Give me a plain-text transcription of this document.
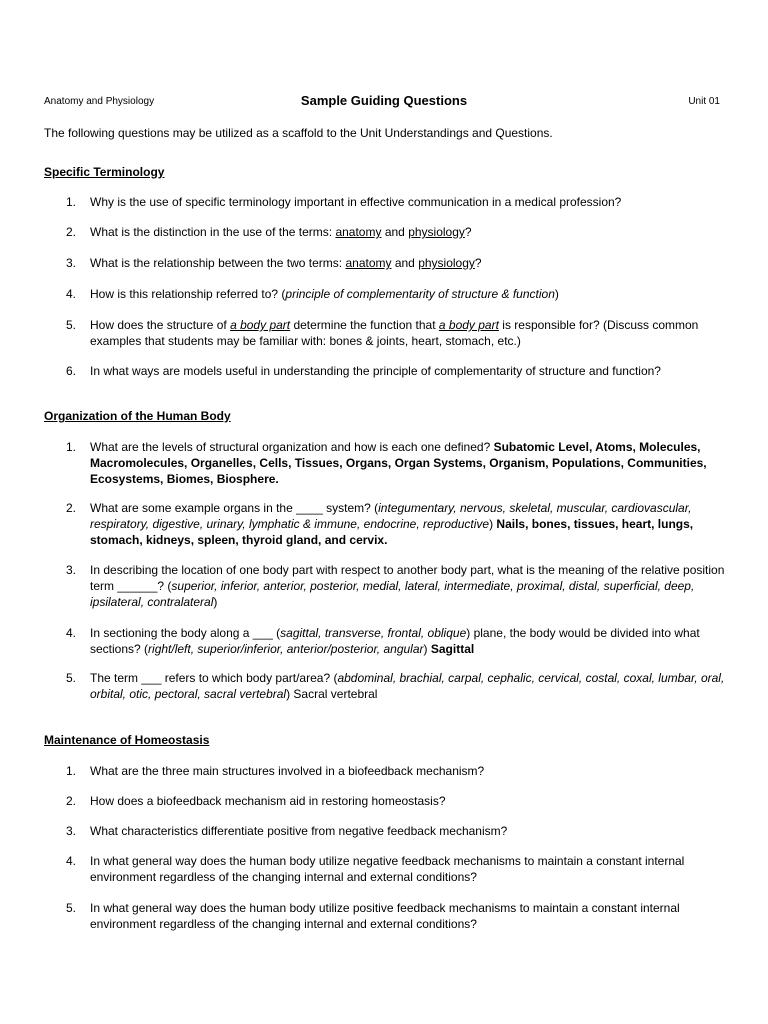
Anatomy and Physiology	Sample Guiding Questions	Unit 01
The following questions may be utilized as a scaffold to the Unit Understandings and Questions.
Specific Terminology
1. Why is the use of specific terminology important in effective communication in a medical profession?
2. What is the distinction in the use of the terms: anatomy and physiology?
3. What is the relationship between the two terms: anatomy and physiology?
4. How is this relationship referred to? (principle of complementarity of structure & function)
5. How does the structure of a body part determine the function that a body part is responsible for? (Discuss common examples that students may be familiar with: bones & joints, heart, stomach, etc.)
6. In what ways are models useful in understanding the principle of complementarity of structure and function?
Organization of the Human Body
1. What are the levels of structural organization and how is each one defined? Subatomic Level, Atoms, Molecules, Macromolecules, Organelles, Cells, Tissues, Organs, Organ Systems, Organism, Populations, Communities, Ecosystems, Biomes, Biosphere.
2. What are some example organs in the ____ system? (integumentary, nervous, skeletal, muscular, cardiovascular, respiratory, digestive, urinary, lymphatic & immune, endocrine, reproductive) Nails, bones, tissues, heart, lungs, stomach, kidneys, spleen, thyroid gland, and cervix.
3. In describing the location of one body part with respect to another body part, what is the meaning of the relative position term ______? (superior, inferior, anterior, posterior, medial, lateral, intermediate, proximal, distal, superficial, deep, ipsilateral, contralateral)
4. In sectioning the body along a ___ (sagittal, transverse, frontal, oblique) plane, the body would be divided into what sections? (right/left, superior/inferior, anterior/posterior, angular) Sagittal
5. The term ___ refers to which body part/area? (abdominal, brachial, carpal, cephalic, cervical, costal, coxal, lumbar, oral, orbital, otic, pectoral, sacral vertebral) Sacral vertebral
Maintenance of Homeostasis
1. What are the three main structures involved in a biofeedback mechanism?
2. How does a biofeedback mechanism aid in restoring homeostasis?
3. What characteristics differentiate positive from negative feedback mechanism?
4. In what general way does the human body utilize negative feedback mechanisms to maintain a constant internal environment regardless of the changing internal and external conditions?
5. In what general way does the human body utilize positive feedback mechanisms to maintain a constant internal environment regardless of the changing internal and external conditions?
